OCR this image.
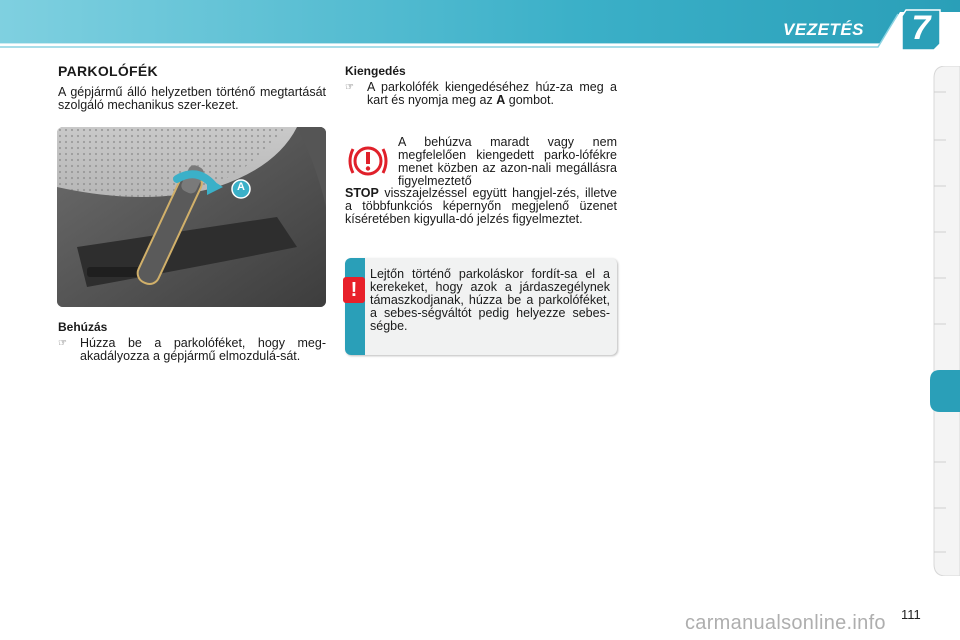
VEZETÉS 7
PARKOLÓFÉK

A gépjármű álló helyzetben történő megtartását szolgáló mechanikus szer-kezet.

A
Behúzás
☞ Húzza be a parkolóféket, hogy meg-akadályozza a gépjármű elmozdulá-sát.
Kiengedés
☞ A parkolófék kiengedéséhez húz-za meg a kart és nyomja meg az A gombot.

A behúzva maradt vagy nem megfelelően kiengedett parko-lófékre menet közben az azon-nali megállásra figyelmeztető

STOP visszajelzéssel együtt hangjel-zés, illetve a többfunkciós képernyőn megjelenő üzenet kíséretében kigyulla-dó jelzés figyelmeztet.

!

Lejtőn történő parkoláskor fordít-sa el a kerekeket, hogy azok a járdaszegélynek támaszkodjanak, húzza be a parkolóféket, a sebes-ségváltót pedig helyezze sebes-ségbe.

111
carmanualsonline.info
